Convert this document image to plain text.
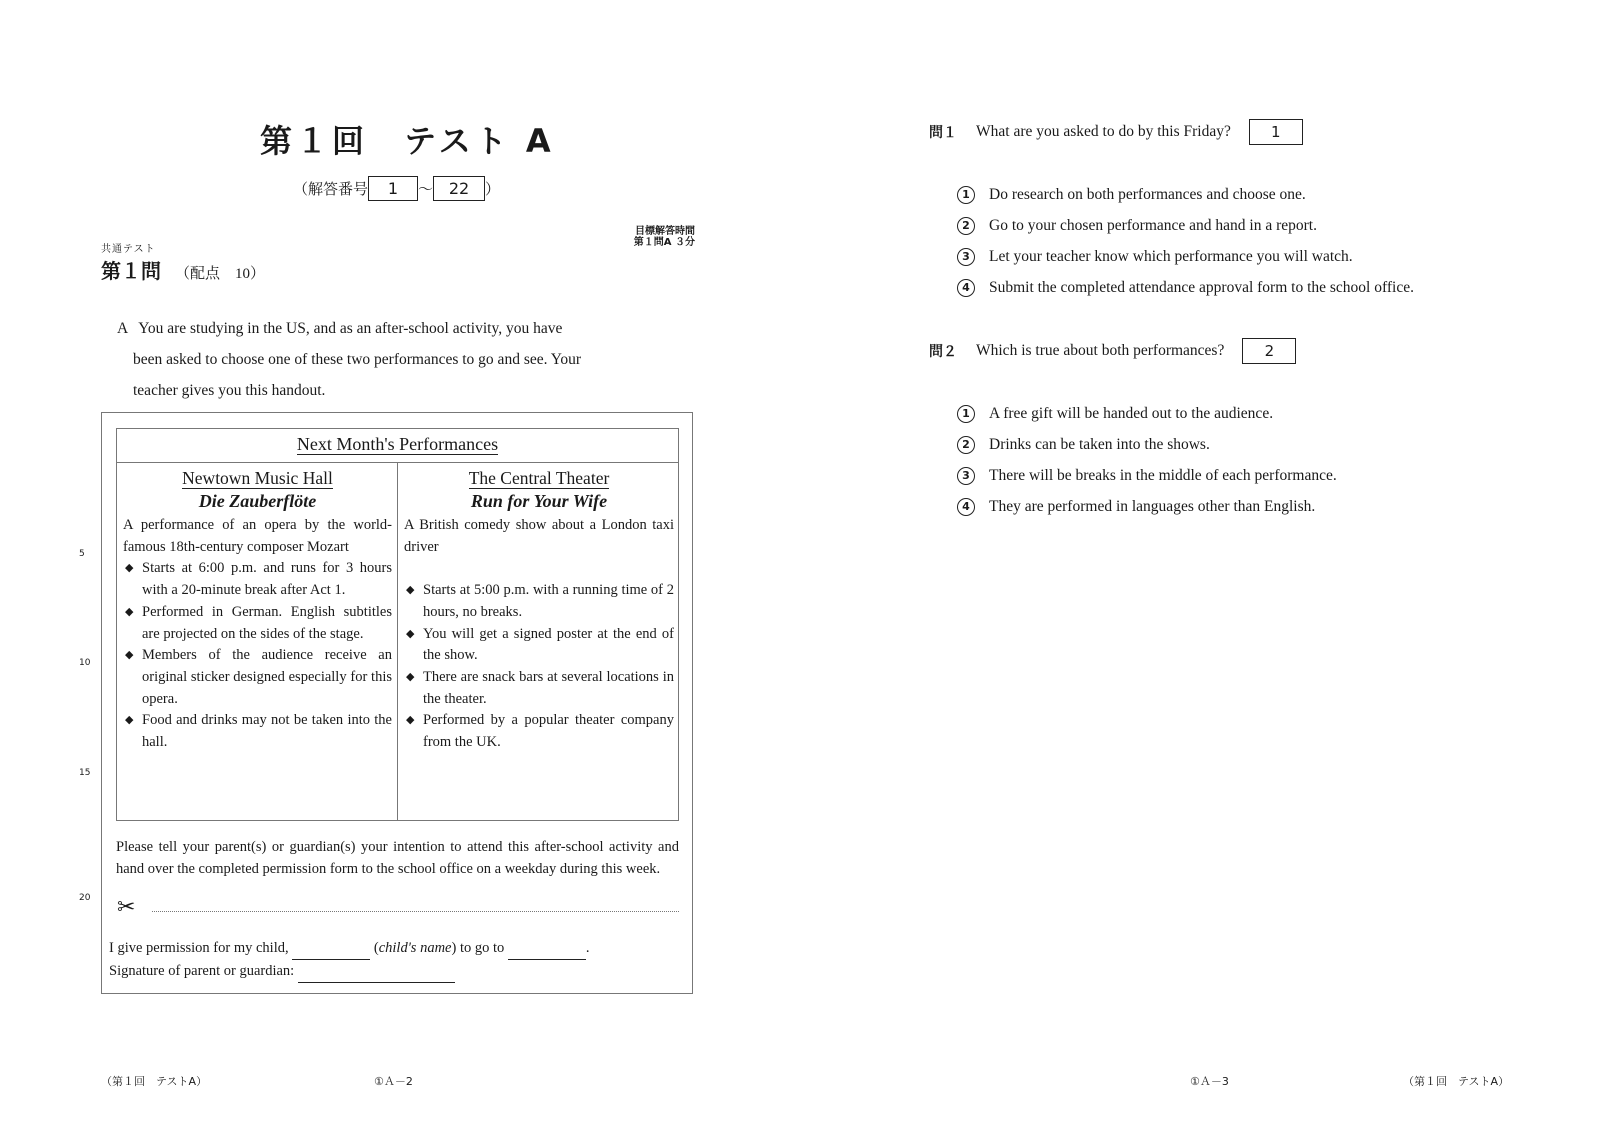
第１回　テスト A
（解答番号	1	～ 22	）
目標解答時間
第１問A ３分
共通テスト
第１問 （配点　10）

A You are studying in the US, and as an after-school activity, you have

been asked to choose one of these two performances to go and see. Your

teacher gives you this handout.

5
10
15
20
Next Month's Performances
Newtown Music Hall
Die Zauberflöte
A performance of an opera by the world-famous 18th-century composer Mozart
◆ Starts at 6:00 p.m. and runs for 3 hours with a 20-minute break after Act 1.
◆ Performed in German. English subtitles are projected on the sides of the stage.
◆ Members of the audience receive an original sticker designed especially for this opera.
◆ Food and drinks may not be taken into the hall.
The Central Theater
Run for Your Wife
A British comedy show about a London taxi driver
◆ Starts at 5:00 p.m. with a running time of 2 hours, no breaks.
◆ You will get a signed poster at the end of the show.
◆ There are snack bars at several locations in the theater.
◆ Performed by a popular theater company from the UK.
Please tell your parent(s) or guardian(s) your intention to attend this after-school activity and hand over the completed permission form to the school office on a weekday during this week.
✂
I give permission for my child,	(child's name) to go to	.
Signature of parent or guardian:
（第１回　テストA）	①Ａ－2
問１	What are you asked to do by this Friday?	1
1	Do research on both performances and choose one.
2	Go to your chosen performance and hand in a report.
3	Let your teacher know which performance you will watch.
4	Submit the completed attendance approval form to the school office.
問２	Which is true about both performances?	2
1	A free gift will be handed out to the audience.
2	Drinks can be taken into the shows.
3	There will be breaks in the middle of each performance.
4	They are performed in languages other than English.
①Ａ－3	（第１回　テストA）
